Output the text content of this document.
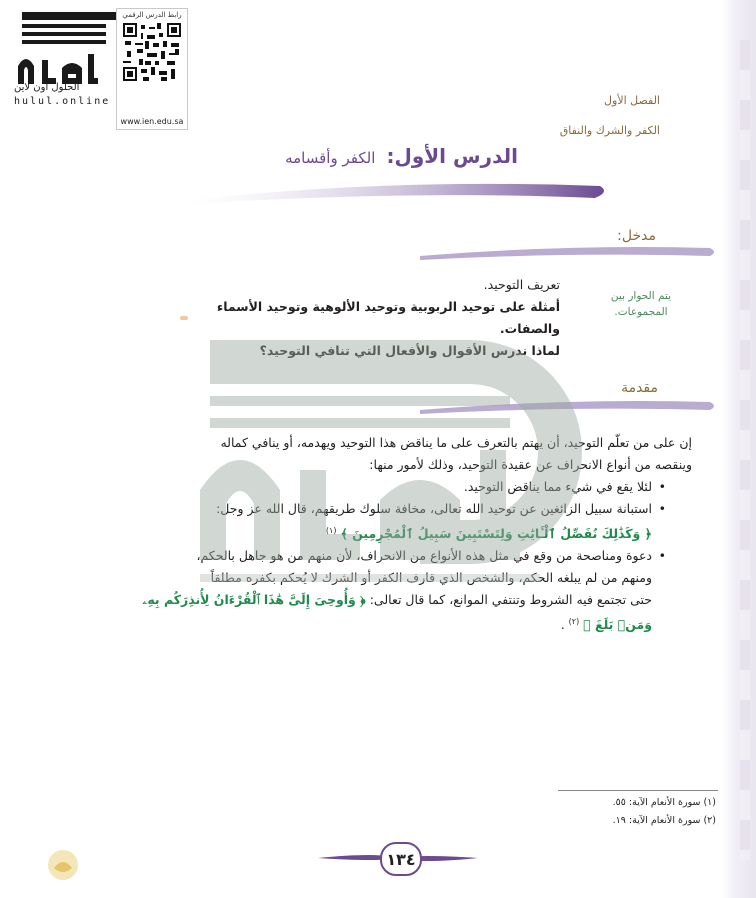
الحلول اون لاين
hulul.online
رابط الدرس الرقمي
www.ien.edu.sa
الفصل الأول
الكفر والشرك والنفاق
الدرس الأول: الكفر وأقسامه
مدخل:
يتم الحوار بين المجموعات.
تعريف التوحيد.
أمثلة على توحيد الربوبية وتوحيد الألوهية وتوحيد الأسماء والصفات.
لماذا ندرس الأقوال والأفعال التي تنافي التوحيد؟
مقدمة
إن على من تعلّم التوحيد، أن يهتم بالتعرف على ما يناقض هذا التوحيد ويهدمه، أو ينافي كماله
وينقصه من أنواع الانحراف عن عقيدة التوحيد، وذلك لأمور منها:
• لئلا يقع في شيء مما يناقض التوحيد.
• استبانة سبيل الزائغين عن توحيد الله تعالى، مخافة سلوك طريقهم، قال الله عز وجل:
﴿ وَكَذَٰلِكَ نُفَصِّلُ ٱلْـَٔايَٰتِ وَلِتَسْتَبِينَ سَبِيلُ ٱلْمُجْرِمِينَ ﴾ $^{(١)}$
• دعوة ومناصحة من وقع في مثل هذه الأنواع من الانحراف، لأن منهم من هو جاهل بالحكم،
ومنهم من لم يبلغه الحكم، والشخص الذي قارف الكفر أو الشرك لا يُحكم بكفره مطلقاً
حتى تجتمع فيه الشروط وتنتفي الموانع، كما قال تعالى: ﴿ وَأُوحِىَ إِلَىَّ هَٰذَا ٱلْقُرْءَانُ لِأُنذِرَكُم بِهِۦ
وَمَنۢ بَلَغَ ﴾ $^{(٢)}$ .
(١) سورة الأنعام الآية: ٥٥.
(٢) سورة الأنعام الآية: ١٩.
١٣٤
